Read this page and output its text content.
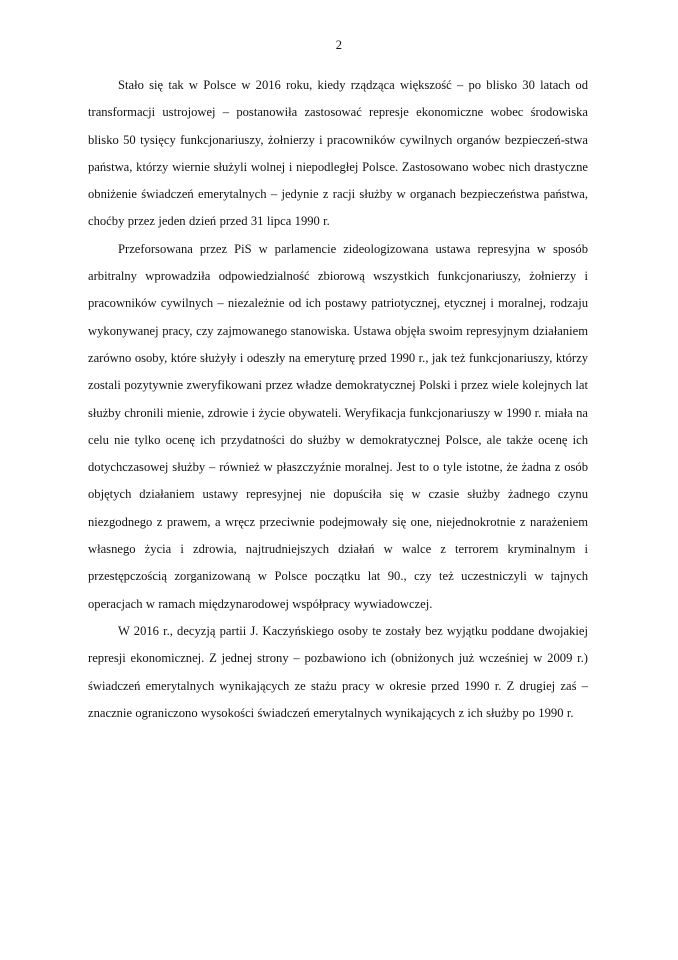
2

Stało się tak w Polsce w 2016 roku, kiedy rządząca większość – po blisko 30 latach od transformacji ustrojowej – postanowiła zastosować represje ekonomiczne wobec środowiska blisko 50 tysięcy funkcjonariuszy, żołnierzy i pracowników cywilnych organów bezpieczeń-stwa państwa, którzy wiernie służyli wolnej i niepodległej Polsce. Zastosowano wobec nich drastyczne obniżenie świadczeń emerytalnych – jedynie z racji służby w organach bezpieczeństwa państwa, choćby przez jeden dzień przed 31 lipca 1990 r.

Przeforsowana przez PiS w parlamencie zideologizowana ustawa represyjna w sposób arbitralny wprowadziła odpowiedzialność zbiorową wszystkich funkcjonariuszy, żołnierzy i pracowników cywilnych – niezależnie od ich postawy patriotycznej, etycznej i moralnej, rodzaju wykonywanej pracy, czy zajmowanego stanowiska. Ustawa objęła swoim represyjnym działaniem zarówno osoby, które służyły i odeszły na emeryturę przed 1990 r., jak też funkcjonariuszy, którzy zostali pozytywnie zweryfikowani przez władze demokratycznej Polski i przez wiele kolejnych lat służby chronili mienie, zdrowie i życie obywateli. Weryfikacja funkcjonariuszy w 1990 r. miała na celu nie tylko ocenę ich przydatności do służby w demokratycznej Polsce, ale także ocenę ich dotychczasowej służby – również w płaszczyźnie moralnej. Jest to o tyle istotne, że żadna z osób objętych działaniem ustawy represyjnej nie dopuściła się w czasie służby żadnego czynu niezgodnego z prawem, a wręcz przeciwnie podejmowały się one, niejednokrotnie z narażeniem własnego życia i zdrowia, najtrudniejszych działań w walce z terrorem kryminalnym i przestępczością zorganizowaną w Polsce początku lat 90., czy też uczestniczyli w tajnych operacjach w ramach międzynarodowej współpracy wywiadowczej.

W 2016 r., decyzją partii J. Kaczyńskiego osoby te zostały bez wyjątku poddane dwojakiej represji ekonomicznej. Z jednej strony – pozbawiono ich (obniżonych już wcześniej w 2009 r.) świadczeń emerytalnych wynikających ze stażu pracy w okresie przed 1990 r. Z drugiej zaś – znacznie ograniczono wysokości świadczeń emerytalnych wynikających z ich służby po 1990 r.
